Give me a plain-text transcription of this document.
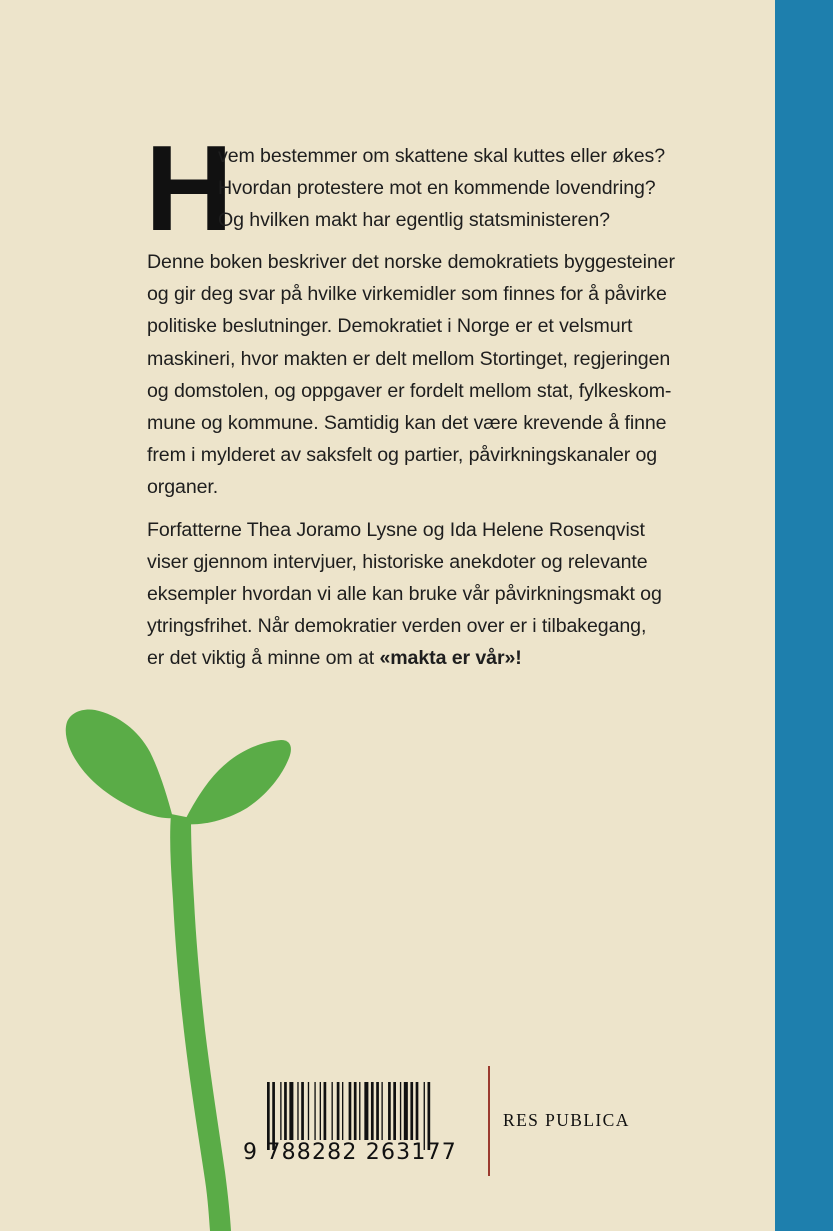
H
vem bestemmer om skattene skal kuttes eller økes?
Hvordan protestere mot en kommende lovendring?
Og hvilken makt har egentlig statsministeren?

Denne boken beskriver det norske demokratiets byggesteiner
og gir deg svar på hvilke virkemidler som finnes for å påvirke
politiske beslutninger. Demokratiet i Norge er et velsmurt
maskineri, hvor makten er delt mellom Stortinget, regjeringen
og domstolen, og oppgaver er fordelt mellom stat, fylkeskom-
mune og kommune. Samtidig kan det være krevende å finne
frem i mylderet av saksfelt og partier, påvirkningskanaler og
organer.

Forfatterne Thea Joramo Lysne og Ida Helene Rosenqvist
viser gjennom intervjuer, historiske anekdoter og relevante
eksempler hvordan vi alle kan bruke vår påvirkningsmakt og
ytringsfrihet. Når demokratier verden over er i tilbakegang,
er det viktig å minne om at «makta er vår»!

9 788282 263177
RES PUBLICA
